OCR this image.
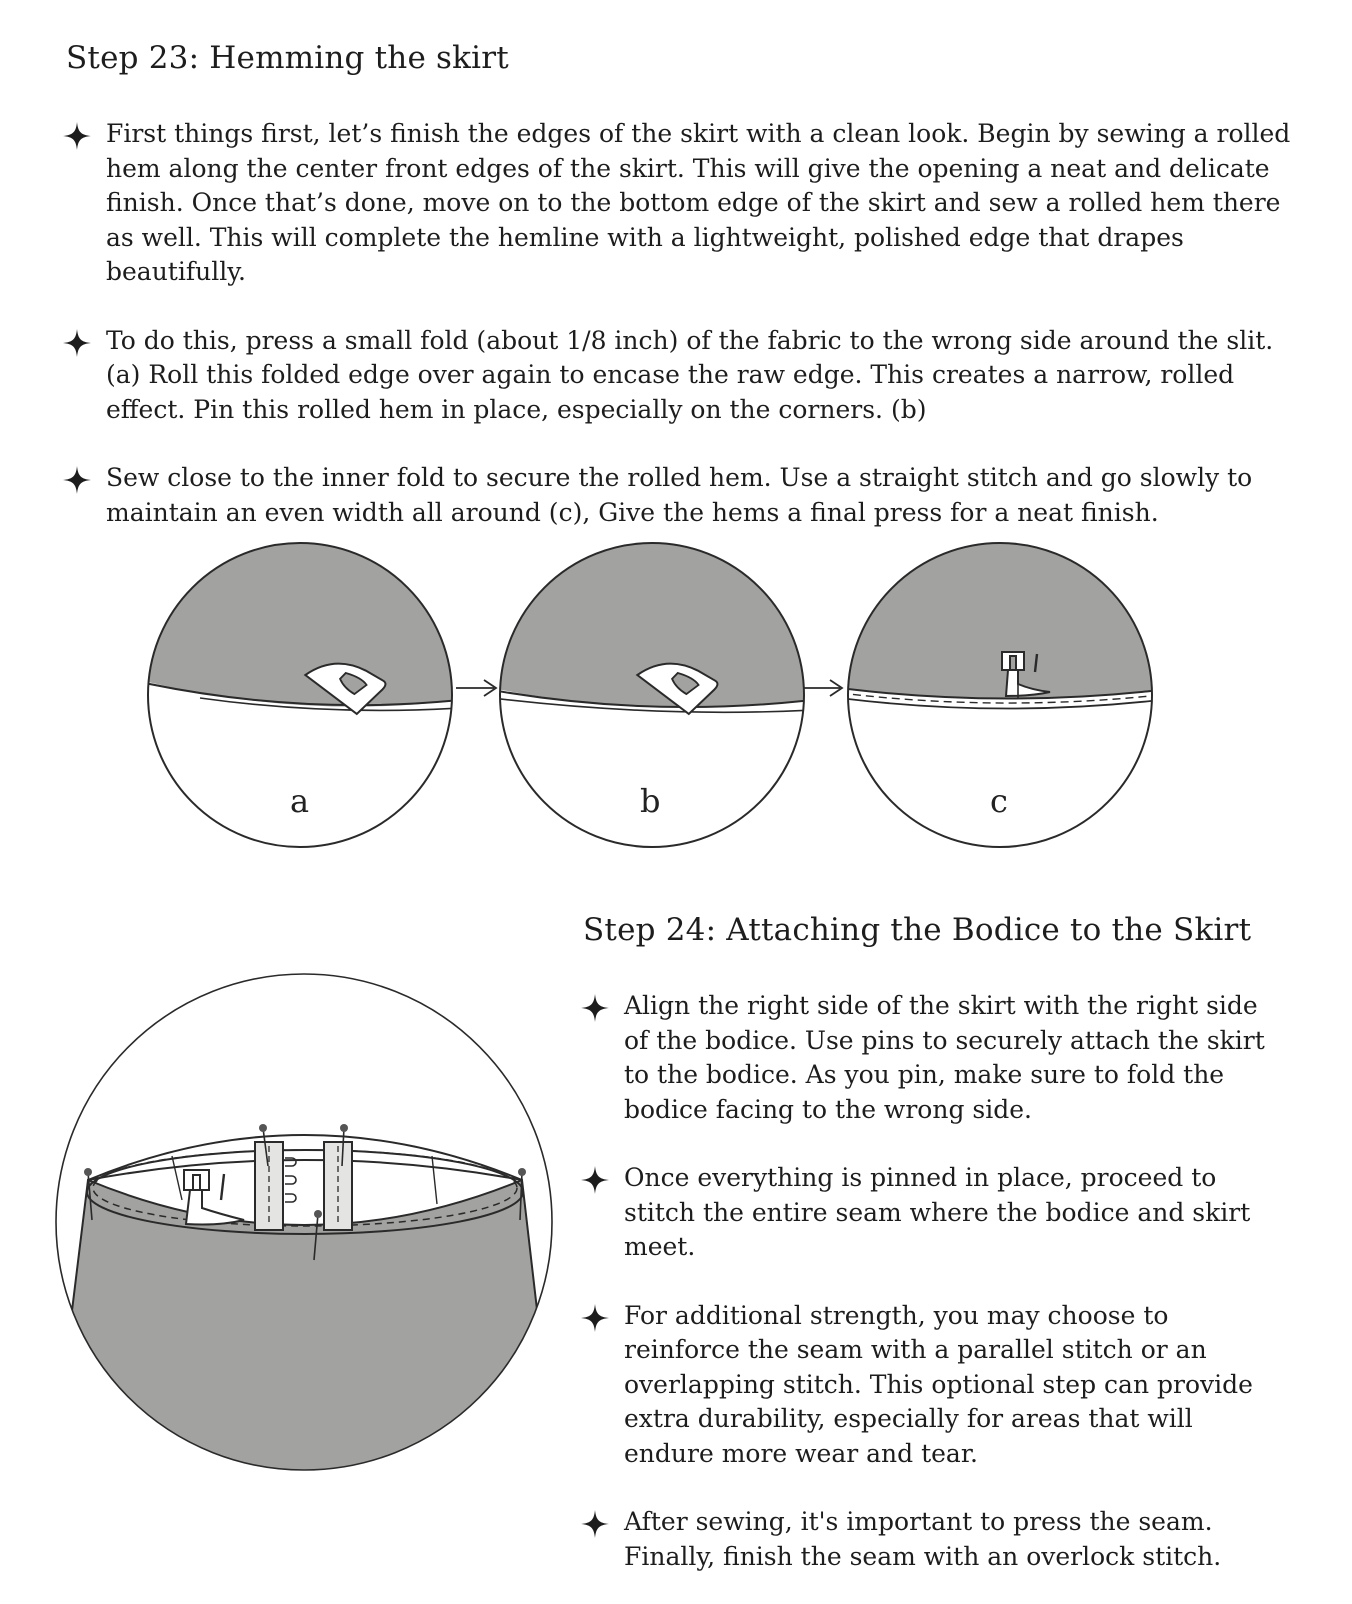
Step 23: Hemming the skirt
First things first, let’s finish the edges of the skirt with a clean look. Begin by sewing a rolled hem along the center front edges of the skirt. This will give the opening a neat and delicate finish. Once that’s done, move on to the bottom edge of the skirt and sew a rolled hem there as well. This will complete the hemline with a lightweight, polished edge that drapes beautifully.
To do this, press a small fold (about 1/8 inch) of the fabric to the wrong side around the slit. (a) Roll this folded edge over again to encase the raw edge. This creates a narrow, rolled effect. Pin this rolled hem in place, especially on the corners. (b)
Sew close to the inner fold to secure the rolled hem. Use a straight stitch and go slowly to maintain an even width all around (c), Give the hems a final press for a neat finish.
a	b	c
Step 24: Attaching the Bodice to the Skirt
Align the right side of the skirt with the right side of the bodice. Use pins to securely attach the skirt to the bodice. As you pin, make sure to fold the bodice facing to the wrong side.
Once everything is pinned in place, proceed to stitch the entire seam where the bodice and skirt meet.
For additional strength, you may choose to reinforce the seam with a parallel stitch or an overlapping stitch. This optional step can provide extra durability, especially for areas that will endure more wear and tear.
After sewing, it's important to press the seam. Finally, finish the seam with an overlock stitch.
